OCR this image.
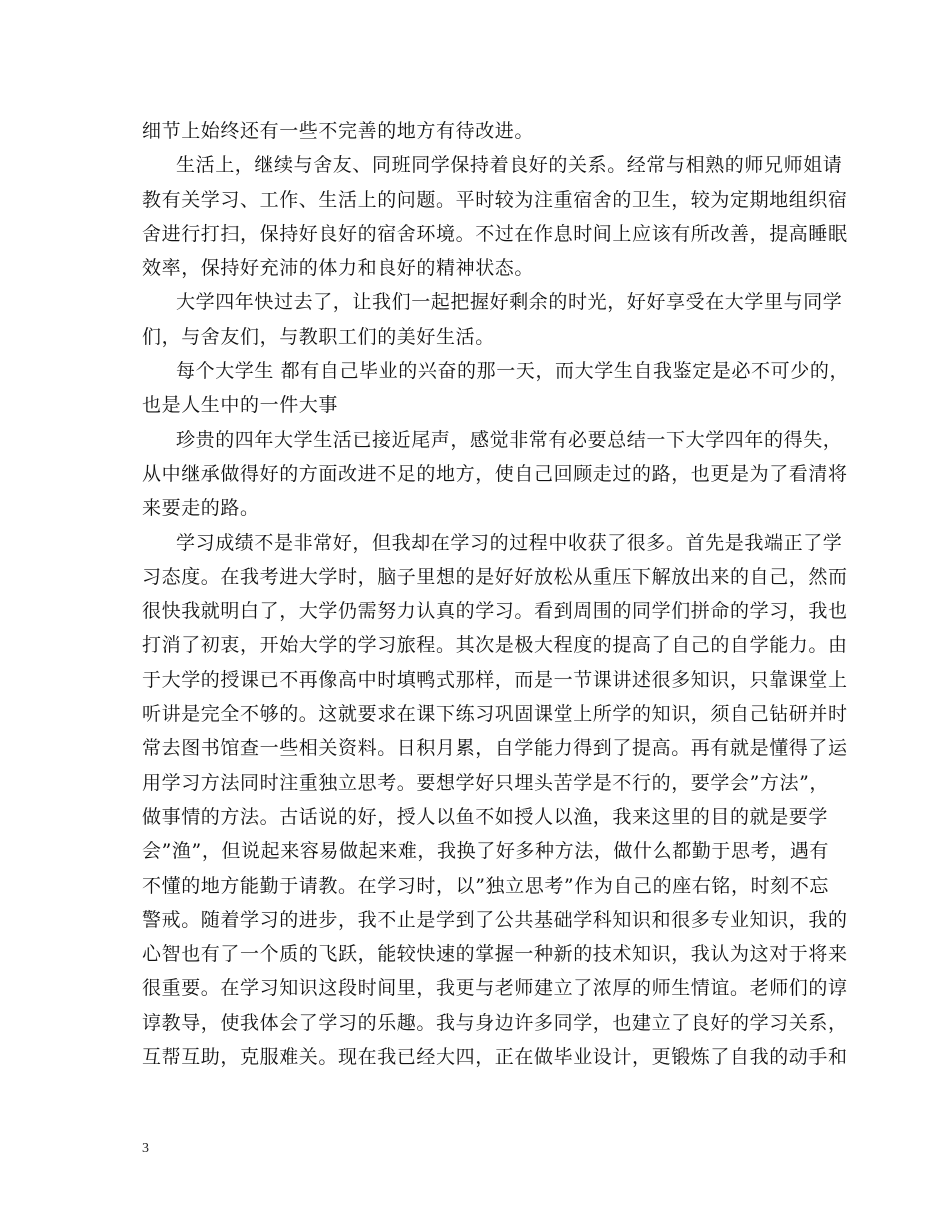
细节上始终还有一些不完善的地方有待改进。
生活上，继续与舍友、同班同学保持着良好的关系。经常与相熟的师兄师姐请
教有关学习、工作、生活上的问题。平时较为注重宿舍的卫生，较为定期地组织宿
舍进行打扫，保持好良好的宿舍环境。不过在作息时间上应该有所改善，提高睡眠
效率，保持好充沛的体力和良好的精神状态。
大学四年快过去了，让我们一起把握好剩余的时光，好好享受在大学里与同学
们，与舍友们，与教职工们的美好生活。
每个大学生 都有自己毕业的兴奋的那一天，而大学生自我鉴定是必不可少的，
也是人生中的一件大事
珍贵的四年大学生活已接近尾声，感觉非常有必要总结一下大学四年的得失，
从中继承做得好的方面改进不足的地方，使自己回顾走过的路，也更是为了看清将
来要走的路。
学习成绩不是非常好，但我却在学习的过程中收获了很多。首先是我端正了学
习态度。在我考进大学时，脑子里想的是好好放松从重压下解放出来的自己，然而
很快我就明白了，大学仍需努力认真的学习。看到周围的同学们拼命的学习，我也
打消了初衷，开始大学的学习旅程。其次是极大程度的提高了自己的自学能力。由
于大学的授课已不再像高中时填鸭式那样，而是一节课讲述很多知识，只靠课堂上
听讲是完全不够的。这就要求在课下练习巩固课堂上所学的知识，须自己钻研并时
常去图书馆查一些相关资料。日积月累，自学能力得到了提高。再有就是懂得了运
用学习方法同时注重独立思考。要想学好只埋头苦学是不行的，要学会”方法”，
做事情的方法。古话说的好，授人以鱼不如授人以渔，我来这里的目的就是要学
会”渔”，但说起来容易做起来难，我换了好多种方法，做什么都勤于思考，遇有
不懂的地方能勤于请教。在学习时，以”独立思考”作为自己的座右铭，时刻不忘
警戒。随着学习的进步，我不止是学到了公共基础学科知识和很多专业知识，我的
心智也有了一个质的飞跃，能较快速的掌握一种新的技术知识，我认为这对于将来
很重要。在学习知识这段时间里，我更与老师建立了浓厚的师生情谊。老师们的谆
谆教导，使我体会了学习的乐趣。我与身边许多同学，也建立了良好的学习关系，
互帮互助，克服难关。现在我已经大四，正在做毕业设计，更锻炼了自我的动手和
3
